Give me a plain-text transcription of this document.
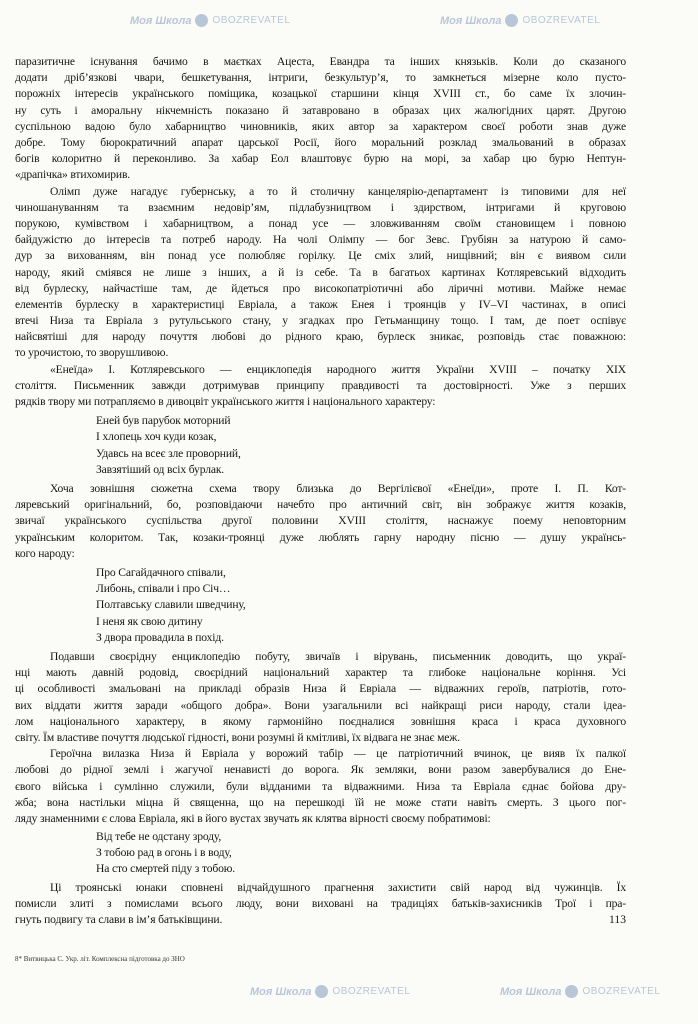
Моя Школа OBOZREVATEL	Моя Школа OBOZREVATEL
Моя Школа OBOZREVATEL	Моя Школа OBOZREVATEL
паразитичне існування бачимо в маєтках Ацеста, Евандра та інших князьків. Коли до сказаного
додати дріб’язкові чвари, бешкетування, інтриги, безкультур’я, то замкнеться мізерне коло пусто-
порожніх інтересів українського поміщика, козацької старшини кінця XVIII ст., бо саме їх злочин-
ну суть і аморальну нікчемність показано й затавровано в образах цих жалюгідних царят. Другою
суспільною вадою було хабарництво чиновників, яких автор за характером своєї роботи знав дуже
добре. Тому бюрократичний апарат царської Росії, його моральний розклад змальований в образах
богів колоритно й переконливо. За хабар Еол влаштовує бурю на морі, за хабар цю бурю Нептун-
«драпічка» втихомирив.
Олімп дуже нагадує губернську, а то й столичну канцелярію-департамент із типовими для неї
чиношануванням та взаємним недовір’ям, підлабузництвом і здирством, інтригами й круговою
порукою, кумівством і хабарництвом, а понад усе — зловживанням своїм становищем і повною
байдужістю до інтересів та потреб народу. На чолі Олімпу — бог Зевс. Грубіян за натурою й само-
дур за вихованням, він понад усе полюбляє горілку. Це сміх злий, нищівний; він є виявом сили
народу, який сміявся не лише з інших, а й із себе. Та в багатьох картинах Котляревський відходить
від бурлеску, найчастіше там, де йдеться про високопатріотичні або ліричні мотиви. Майже немає
елементів бурлеску в характеристиці Евріала, а також Енея і троянців у IV–VI частинах, в описі
втечі Низа та Евріала з рутульського стану, у згадках про Гетьманщину тощо. І там, де поет оспівує
найсвятіші для народу почуття любові до рідного краю, бурлеск зникає, розповідь стає поважною:
то урочистою, то зворушливою.
«Енеїда» І. Котляревського — енциклопедія народного життя України XVIII – початку XIX
століття. Письменник завжди дотримував принципу правдивості та достовірності. Уже з перших
рядків твору ми потрапляємо в дивоцвіт українського життя і національного характеру:
Еней був парубок моторний
І хлопець хоч куди козак,
Удавсь на всеє зле проворний,
Завзятіший од всіх бурлак.
Хоча зовнішня сюжетна схема твору близька до Вергілієвої «Енеїди», проте І. П. Кот-
ляревський оригінальний, бо, розповідаючи начебто про античний світ, він зображує життя козаків,
звичаї українського суспільства другої половини XVIII століття, наснажує поему неповторним
українським колоритом. Так, козаки-троянці дуже люблять гарну народну пісню — душу українсь-
кого народу:
Про Сагайдачного співали,
Либонь, співали і про Січ…
Полтавську славили шведчину,
І неня як свою дитину
З двора провадила в похід.
Подавши своєрідну енциклопедію побуту, звичаїв і вірувань, письменник доводить, що украї-
нці мають давній родовід, своєрідний національний характер та глибоке національне коріння. Усі
ці особливості змальовані на прикладі образів Низа й Евріала — відважних героїв, патріотів, гото-
вих віддати життя заради «общого добра». Вони узагальнили всі найкращі риси народу, стали ідеа-
лом національного характеру, в якому гармонійно поєдналися зовнішня краса і краса духовного
світу. Їм властиве почуття людської гідності, вони розумні й кмітливі, їх відвага не знає меж.
Героїчна вилазка Низа й Евріала у ворожий табір — це патріотичний вчинок, це вияв їх палкої
любові до рідної землі і жагучої ненависті до ворога. Як земляки, вони разом завербувалися до Ене-
євого війська і сумлінно служили, були відданими та відважними. Низа та Евріала єднає бойова дру-
жба; вона настільки міцна й священна, що на перешкоді їй не може стати навіть смерть. З цього пог-
ляду знаменними є слова Евріала, які в його вустах звучать як клятва вірності своєму побратимові:
Від тебе не одстану зроду,
З тобою рад в огонь і в воду,
На сто смертей піду з тобою.
Ці троянські юнаки сповнені відчайдушного прагнення захистити свій народ від чужинців. Їх
помисли злиті з помислами всього люду, вони виховані на традиціях батьків-захисників Трої і пра-
гнуть подвигу та слави в ім’я батьківщини.	113
8* Витвицька С. Укр. літ. Комплексна підготовка до ЗНО
